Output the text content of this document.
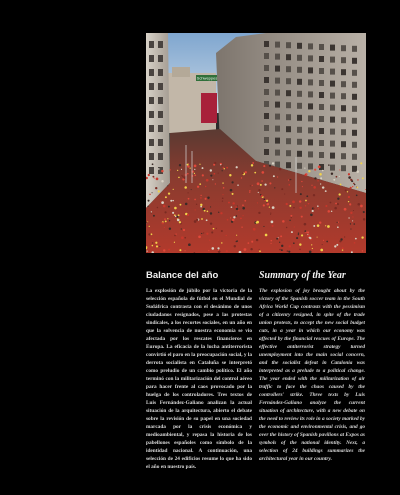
Schweppes
Balance del año

La explosión de júbilo por la victoria de la selección española de fútbol en el Mundial de Sudáfrica contrasta con el desánimo de unos ciudadanos resignados, pese a las protestas sindicales, a los recortes sociales, en un año en que la solvencia de nuestra economía se vio afectada por los rescates financieros en Europa. La eficacia de la lucha antiterrorista convirtió el paro en la preocupación social, y la derrota socialista en Cataluña se interpretó como preludio de un cambio político. El año terminó con la militarización del control aéreo para hacer frente al caos provocado por la huelga de los controladores. Tres textos de Luis Fernández-Galiano analizan la actual situación de la arquitectura, abierto el debate sobre la revisión de su papel en una sociedad marcada por la crisis económica y medioambiental, y repasa la historia de los pabellones españoles como símbolo de la identidad nacional. A continuación, una selección de 24 edificios resume lo que ha sido el año en nuestro país.

Summary of the Year

The explosion of joy brought about by the victory of the Spanish soccer team in the South Africa World Cup contrasts with the pessimism of a citizenry resigned, in spite of the trade union protests, to accept the new social budget cuts, in a year in which our economy was affected by the financial rescues of Europe. The effective antiterrorist strategy turned unemployment into the main social concern, and the socialist defeat in Catalonia was interpreted as a prelude to a political change. The year ended with the militarization of air traffic to face the chaos caused by the controllers' strike. Three texts by Luis Fernández-Galiano analyze the current situation of architecture, with a new debate on the need to review its role in a society marked by the economic and environmental crisis, and go over the history of Spanish pavilions at Expos as symbols of the national identity. Next, a selection of 24 buildings summarizes the architectural year in our country.
